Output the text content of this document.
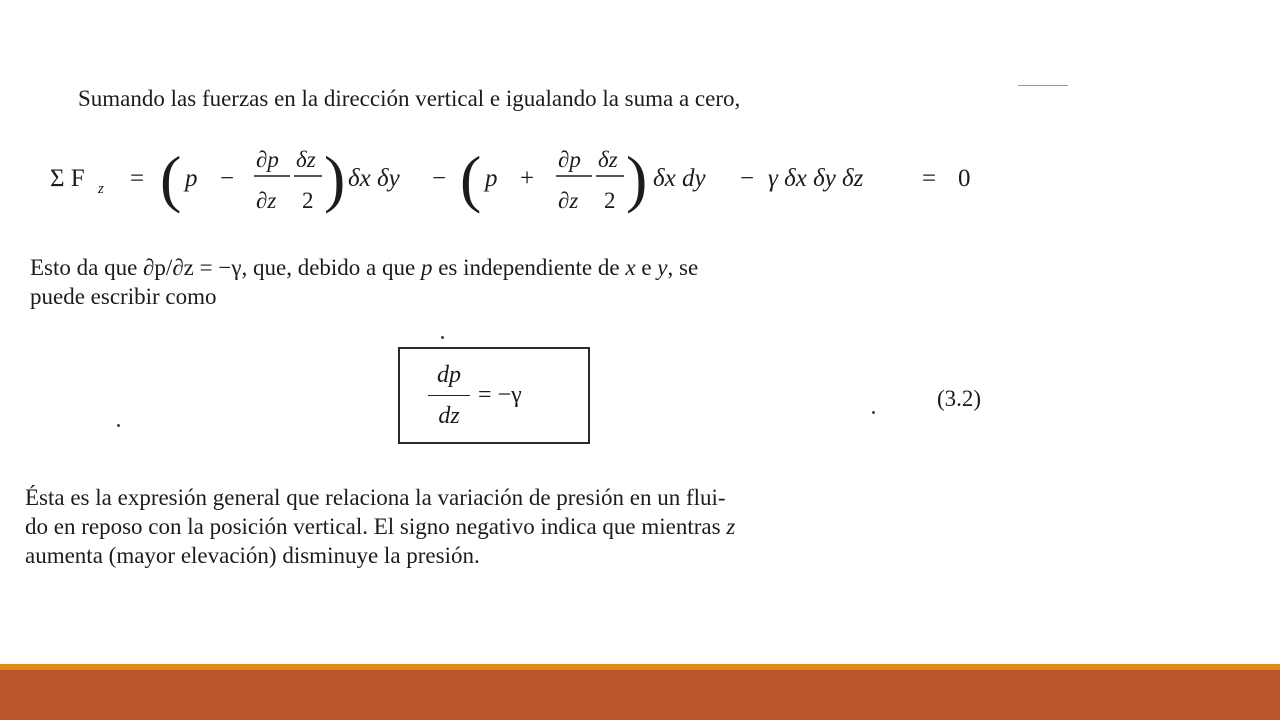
Sumando las fuerzas en la dirección vertical e igualando la suma a cero,
Σ F z = ( p −
∂p
∂z
δz
2 ) δx δy − ( p +
∂p
∂z
δz
2 ) δx dy − γ δx δy δz = 0
Esto da que ∂p/∂z = −γ, que, debido a que p es independiente de x e y, se
puede escribir como
dp
dz
= −γ	(3.2)
Ésta es la expresión general que relaciona la variación de presión en un flui-
do en reposo con la posición vertical. El signo negativo indica que mientras z
aumenta (mayor elevación) disminuye la presión.
